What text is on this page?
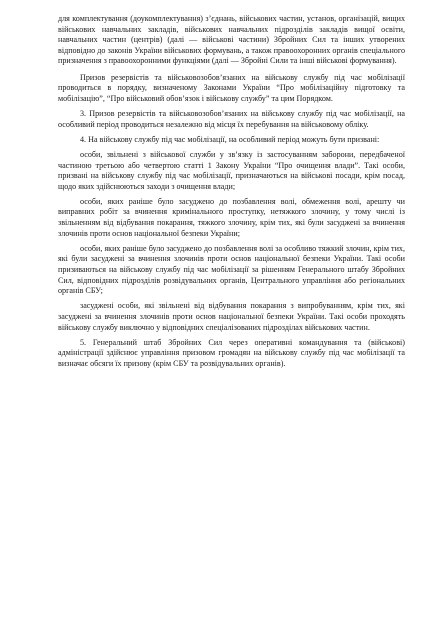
для комплектування (доукомплектування) з’єднань, військових частин, установ, організацій, вищих військових навчальних закладів, військових навчальних підрозділів закладів вищої освіти, навчальних частин (центрів) (далі — військові частини) Збройних Сил та інших утворених відповідно до законів України військових формувань, а також правоохоронних органів спеціального призначення з правоохоронними функціями (далі — Збройні Сили та інші військові формування).

Призов резервістів та військовозобов’язаних на військову службу під час мобілізації проводиться в порядку, визначеному Законами України “Про мобілізаційну підготовку та мобілізацію”, “Про військовий обов’язок і військову службу” та цим Порядком.

3. Призов резервістів та військовозобов’язаних на військову службу під час мобілізації, на особливий період проводиться незалежно від місця їх перебування на військовому обліку.

4. На військову службу під час мобілізації, на особливий період можуть бути призвані:

особи, звільнені з військової служби у зв’язку із застосуванням заборони, передбаченої частиною третьою або четвертою статті 1 Закону України “Про очищення влади”. Такі особи, призвані на військову службу під час мобілізації, призначаються на військові посади, крім посад, щодо яких здійснюються заходи з очищення влади;

особи, яких раніше було засуджено до позбавлення волі, обмеження волі, арешту чи виправних робіт за вчинення кримінального проступку, нетяжкого злочину, у тому числі із звільненням від відбування покарання, тяжкого злочину, крім тих, які були засуджені за вчинення злочинів проти основ національної безпеки України;

особи, яких раніше було засуджено до позбавлення волі за особливо тяжкий злочин, крім тих, які були засуджені за вчинення злочинів проти основ національної безпеки України. Такі особи призиваються на військову службу під час мобілізації за рішенням Генерального штабу Збройних Сил, відповідних підрозділів розвідувальних органів, Центрального управління або регіональних органів СБУ;

засуджені особи, які звільнені від відбування покарання з випробуванням, крім тих, які засуджені за вчинення злочинів проти основ національної безпеки України. Такі особи проходять військову службу виключно у відповідних спеціалізованих підрозділах військових частин.

5. Генеральний штаб Збройних Сил через оперативні командування та (військові) адміністрації здійснює управління призовом громадян на військову службу під час мобілізації та визначає обсяги їх призову (крім СБУ та розвідувальних органів).
